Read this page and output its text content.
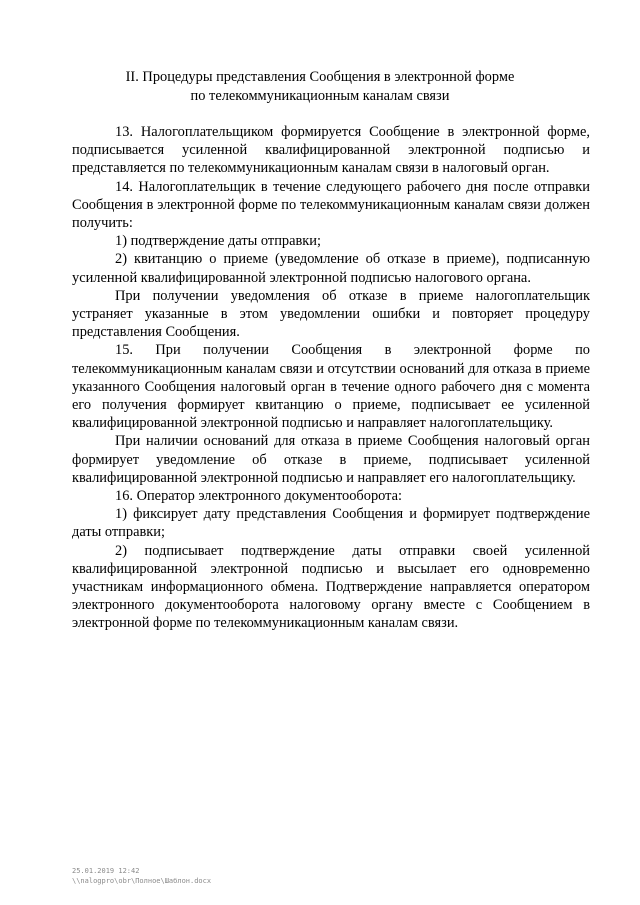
II. Процедуры представления Сообщения в электронной форме
по телекоммуникационным каналам связи

13. Налогоплательщиком формируется Сообщение в электронной форме, подписывается усиленной квалифицированной электронной подписью и представляется по телекоммуникационным каналам связи в налоговый орган.

14. Налогоплательщик в течение следующего рабочего дня после отправки Сообщения в электронной форме по телекоммуникационным каналам связи должен получить:

1) подтверждение даты отправки;

2) квитанцию о приеме (уведомление об отказе в приеме), подписанную усиленной квалифицированной электронной подписью налогового органа.

При получении уведомления об отказе в приеме налогоплательщик устраняет указанные в этом уведомлении ошибки и повторяет процедуру представления Сообщения.

15. При получении Сообщения в электронной форме по телекоммуникационным каналам связи и отсутствии оснований для отказа в приеме указанного Сообщения налоговый орган в течение одного рабочего дня с момента его получения формирует квитанцию о приеме, подписывает ее усиленной квалифицированной электронной подписью и направляет налогоплательщику.

При наличии оснований для отказа в приеме Сообщения налоговый орган формирует уведомление об отказе в приеме, подписывает усиленной квалифицированной электронной подписью и направляет его налогоплательщику.

16. Оператор электронного документооборота:

1) фиксирует дату представления Сообщения и формирует подтверждение даты отправки;

2) подписывает подтверждение даты отправки своей усиленной квалифицированной электронной подписью и высылает его одновременно участникам информационного обмена. Подтверждение направляется оператором электронного документооборота налоговому органу вместе с Сообщением в электронной форме по телекоммуникационным каналам связи.

25.01.2019 12:42
\\nalogpro\obr\Полное\Шаблон.docx
